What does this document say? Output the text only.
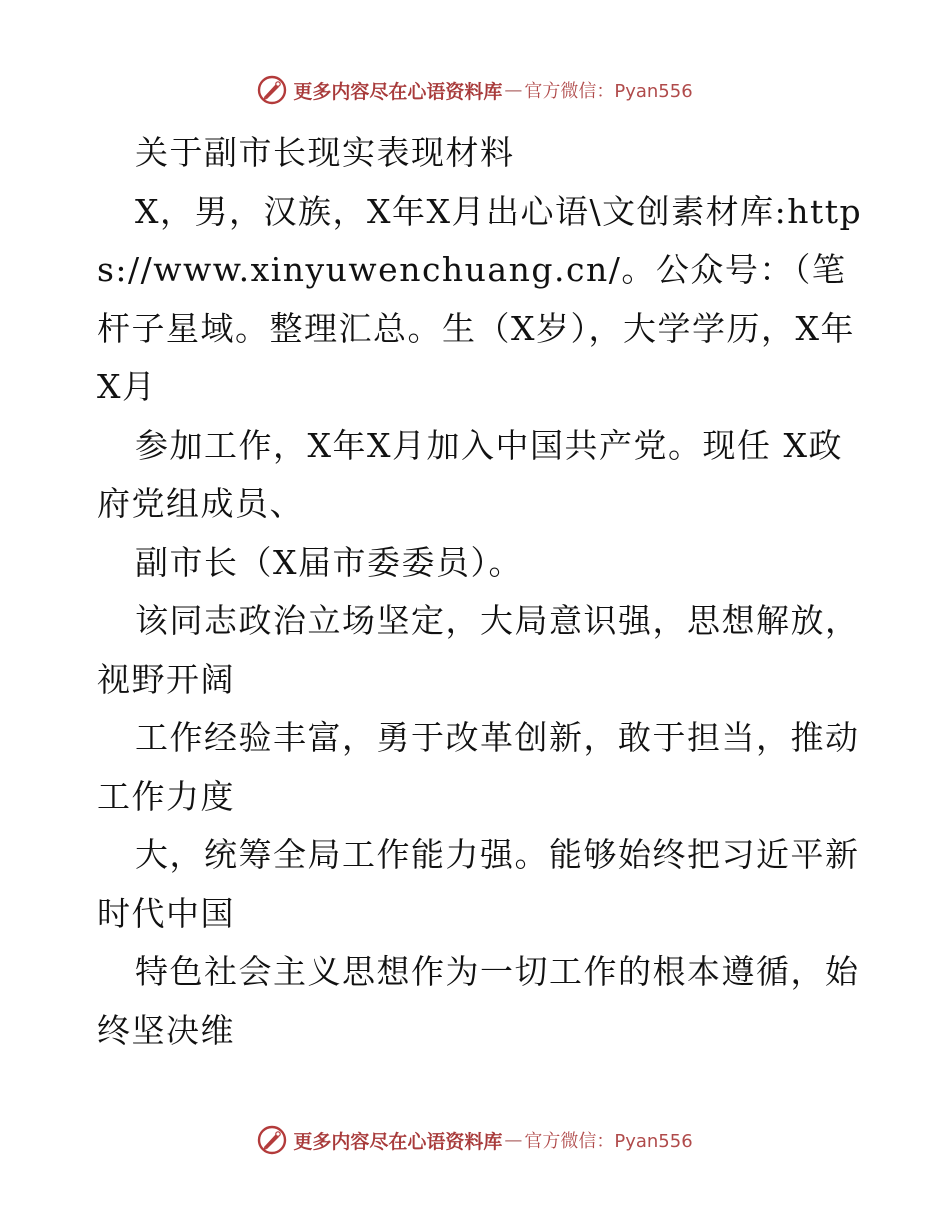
更多内容尽在心语资料库 — 官方微信：Pyan556

关于副市长现实表现材料

X，男，汉族，X年X月出心语\文创素材库:https://www.xinyuwenchuang.cn/。公众号：（笔杆子星域。整理汇总。生（X岁），大学学历，X年X月

参加工作，X年X月加入中国共产党。现任 X政府党组成员、

副市长（X届市委委员）。

该同志政治立场坚定，大局意识强，思想解放，视野开阔

工作经验丰富，勇于改革创新，敢于担当，推动工作力度

大，统筹全局工作能力强。能够始终把习近平新时代中国

特色社会主义思想作为一切工作的根本遵循，始终坚决维

更多内容尽在心语资料库 — 官方微信：Pyan556
